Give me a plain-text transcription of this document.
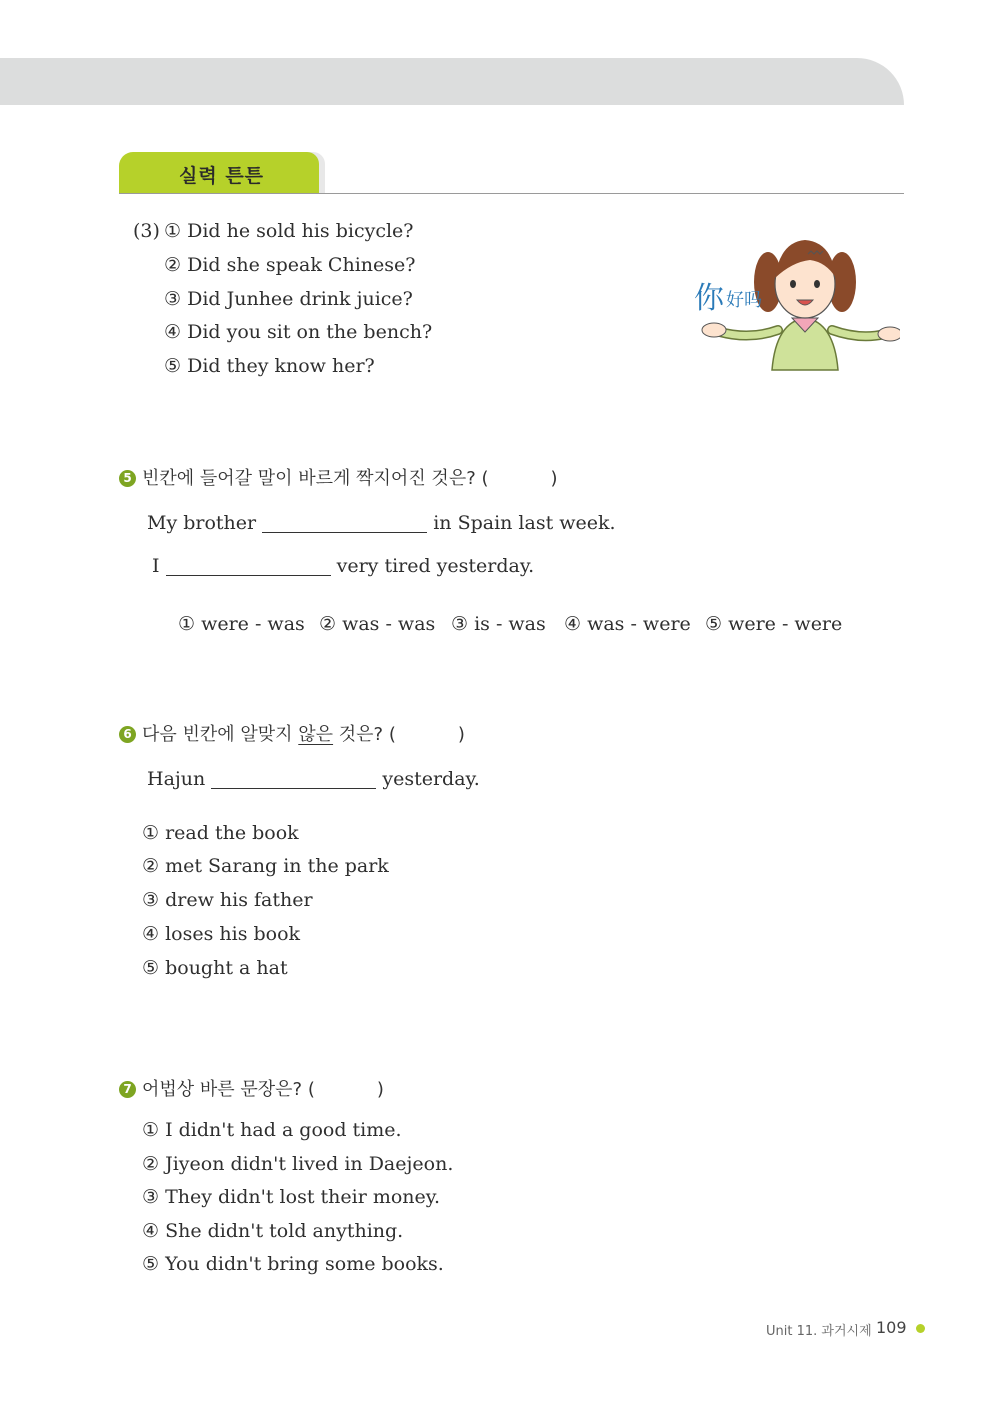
실력 튼튼
(3) ① Did he sold his bicycle?
② Did she speak Chinese?
③ Did Junhee drink juice?
④ Did you sit on the bench?
⑤ Did they know her?
你 好吗
5 빈칸에 들어갈 말이 바르게 짝지어진 것은? (	)
My brother	in Spain last week.
I	very tired yesterday.
① were - was ② was - was ③ is - was ④ was - were ⑤ were - were
6 다음 빈칸에 알맞지 않은 것은? (	)
Hajun	yesterday.
① read the book
② met Sarang in the park
③ drew his father
④ loses his book
⑤ bought a hat
7 어법상 바른 문장은? (	)
① I didn't had a good time.
② Jiyeon didn't lived in Daejeon.
③ They didn't lost their money.
④ She didn't told anything.
⑤ You didn't bring some books.
Unit 11. 과거시제 109
